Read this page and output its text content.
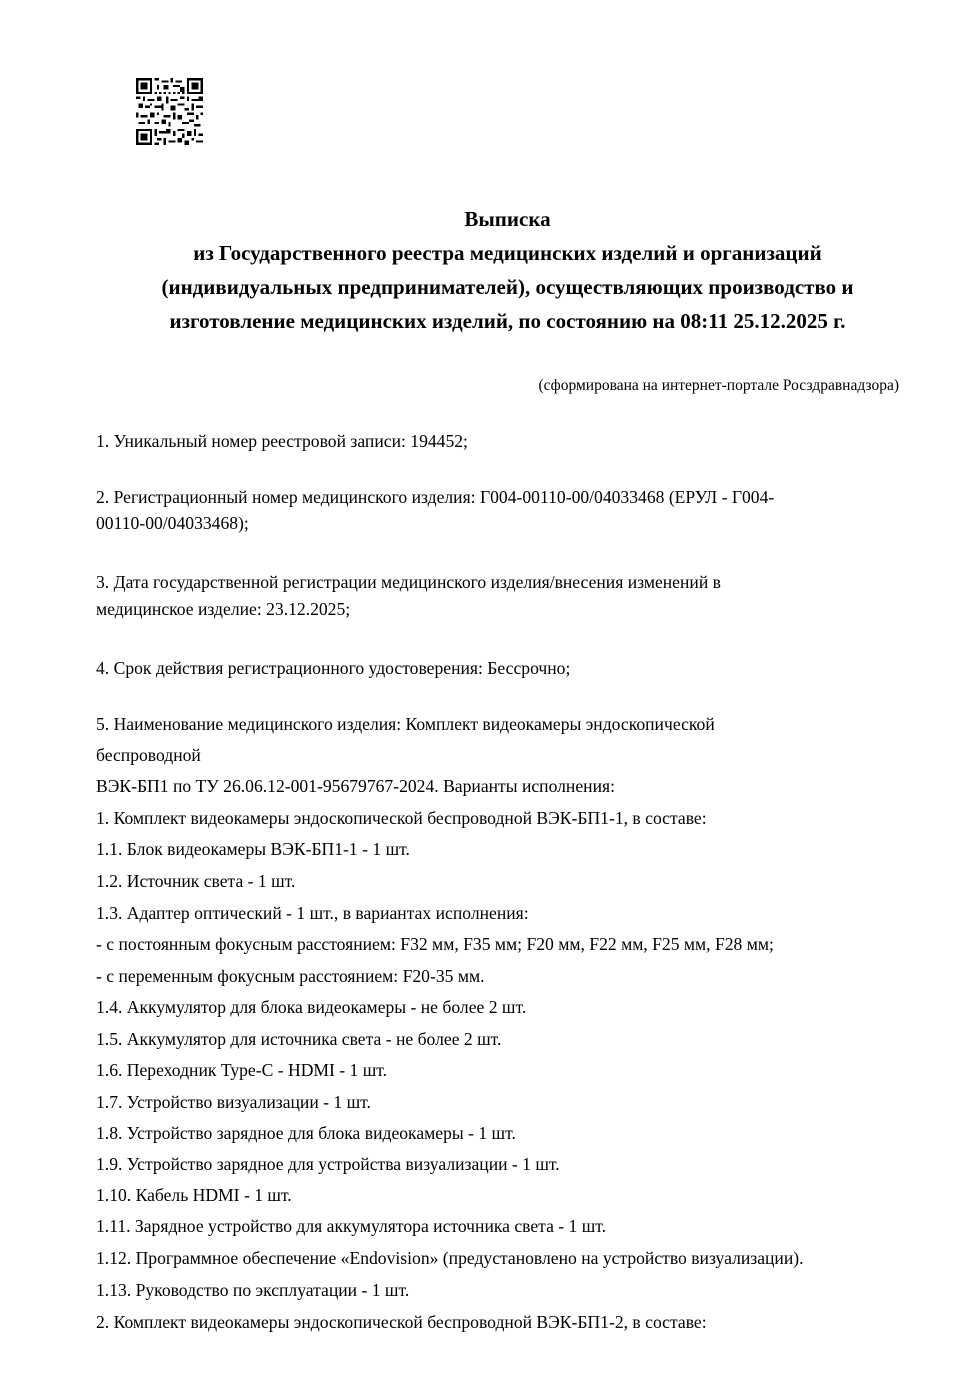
Выписка
из Государственного реестра медицинских изделий и организаций
(индивидуальных предпринимателей), осуществляющих производство и
изготовление медицинских изделий, по состоянию на 08:11 25.12.2025 г.
(сформирована на интернет-портале Росздравнадзора)
1. Уникальный номер реестровой записи: 194452;
2. Регистрационный номер медицинского изделия: Г004-00110-00/04033468 (ЕРУЛ - Г004-
00110-00/04033468);
3. Дата государственной регистрации медицинского изделия/внесения изменений в
медицинское изделие: 23.12.2025;
4. Срок действия регистрационного удостоверения: Бессрочно;
5. Наименование медицинского изделия: Комплект видеокамеры эндоскопической
беспроводной
ВЭК-БП1 по ТУ 26.06.12-001-95679767-2024. Варианты исполнения:
1. Комплект видеокамеры эндоскопической беспроводной ВЭК-БП1-1, в составе:
1.1. Блок видеокамеры ВЭК-БП1-1 - 1 шт.
1.2. Источник света - 1 шт.
1.3. Адаптер оптический - 1 шт., в вариантах исполнения:
- с постоянным фокусным расстоянием: F32 мм, F35 мм; F20 мм, F22 мм, F25 мм, F28 мм;
- с переменным фокусным расстоянием: F20-35 мм.
1.4. Аккумулятор для блока видеокамеры - не более 2 шт.
1.5. Аккумулятор для источника света - не более 2 шт.
1.6. Переходник Type-C - HDMI - 1 шт.
1.7. Устройство визуализации - 1 шт.
1.8. Устройство зарядное для блока видеокамеры - 1 шт.
1.9. Устройство зарядное для устройства визуализации - 1 шт.
1.10. Кабель HDMI - 1 шт.
1.11. Зарядное устройство для аккумулятора источника света - 1 шт.
1.12. Программное обеспечение «Endovision» (предустановлено на устройство визуализации).
1.13. Руководство по эксплуатации - 1 шт.
2. Комплект видеокамеры эндоскопической беспроводной ВЭК-БП1-2, в составе:
